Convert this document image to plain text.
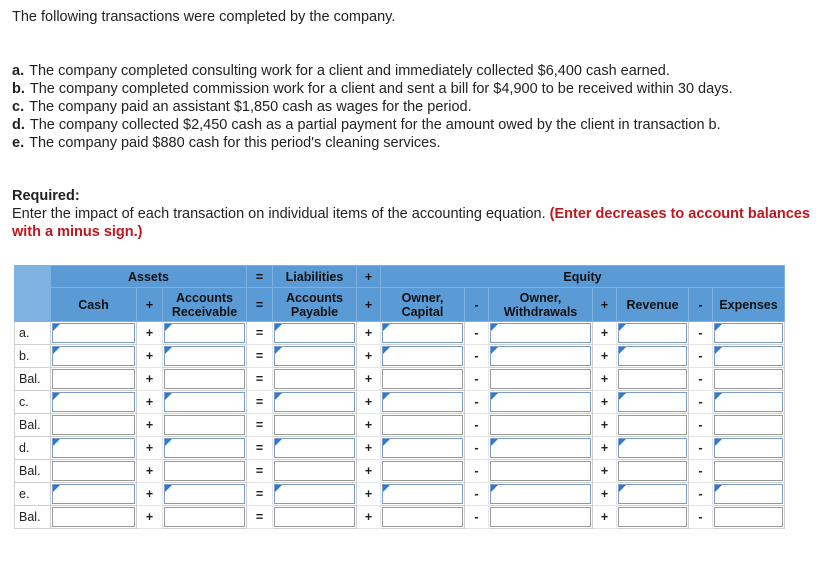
The following transactions were completed by the company.
a. The company completed consulting work for a client and immediately collected $6,400 cash earned.
b. The company completed commission work for a client and sent a bill for $4,900 to be received within 30 days.
c. The company paid an assistant $1,850 cash as wages for the period.
d. The company collected $2,450 cash as a partial payment for the amount owed by the client in transaction b.
e. The company paid $880 cash for this period's cleaning services.
Required:
Enter the impact of each transaction on individual items of the accounting equation. (Enter decreases to account balances with a minus sign.)
	Assets			=	Liabilities	+	Equity						
	Cash	+	Accounts Receivable	=	Accounts Payable	+	Owner, Capital	-	Owner, Withdrawals	+	Revenue	-	Expenses
a.		+		=		+		-		+		-	

b.		+		=		+		-		+		-	

Bal.		+		=		+		-		+		-	

c.		+		=		+		-		+		-	

Bal.		+		=		+		-		+		-	

d.		+		=		+		-		+		-	

Bal.		+		=		+		-		+		-	

e.		+		=		+		-		+		-	

Bal.		+		=		+		-		+		-	
